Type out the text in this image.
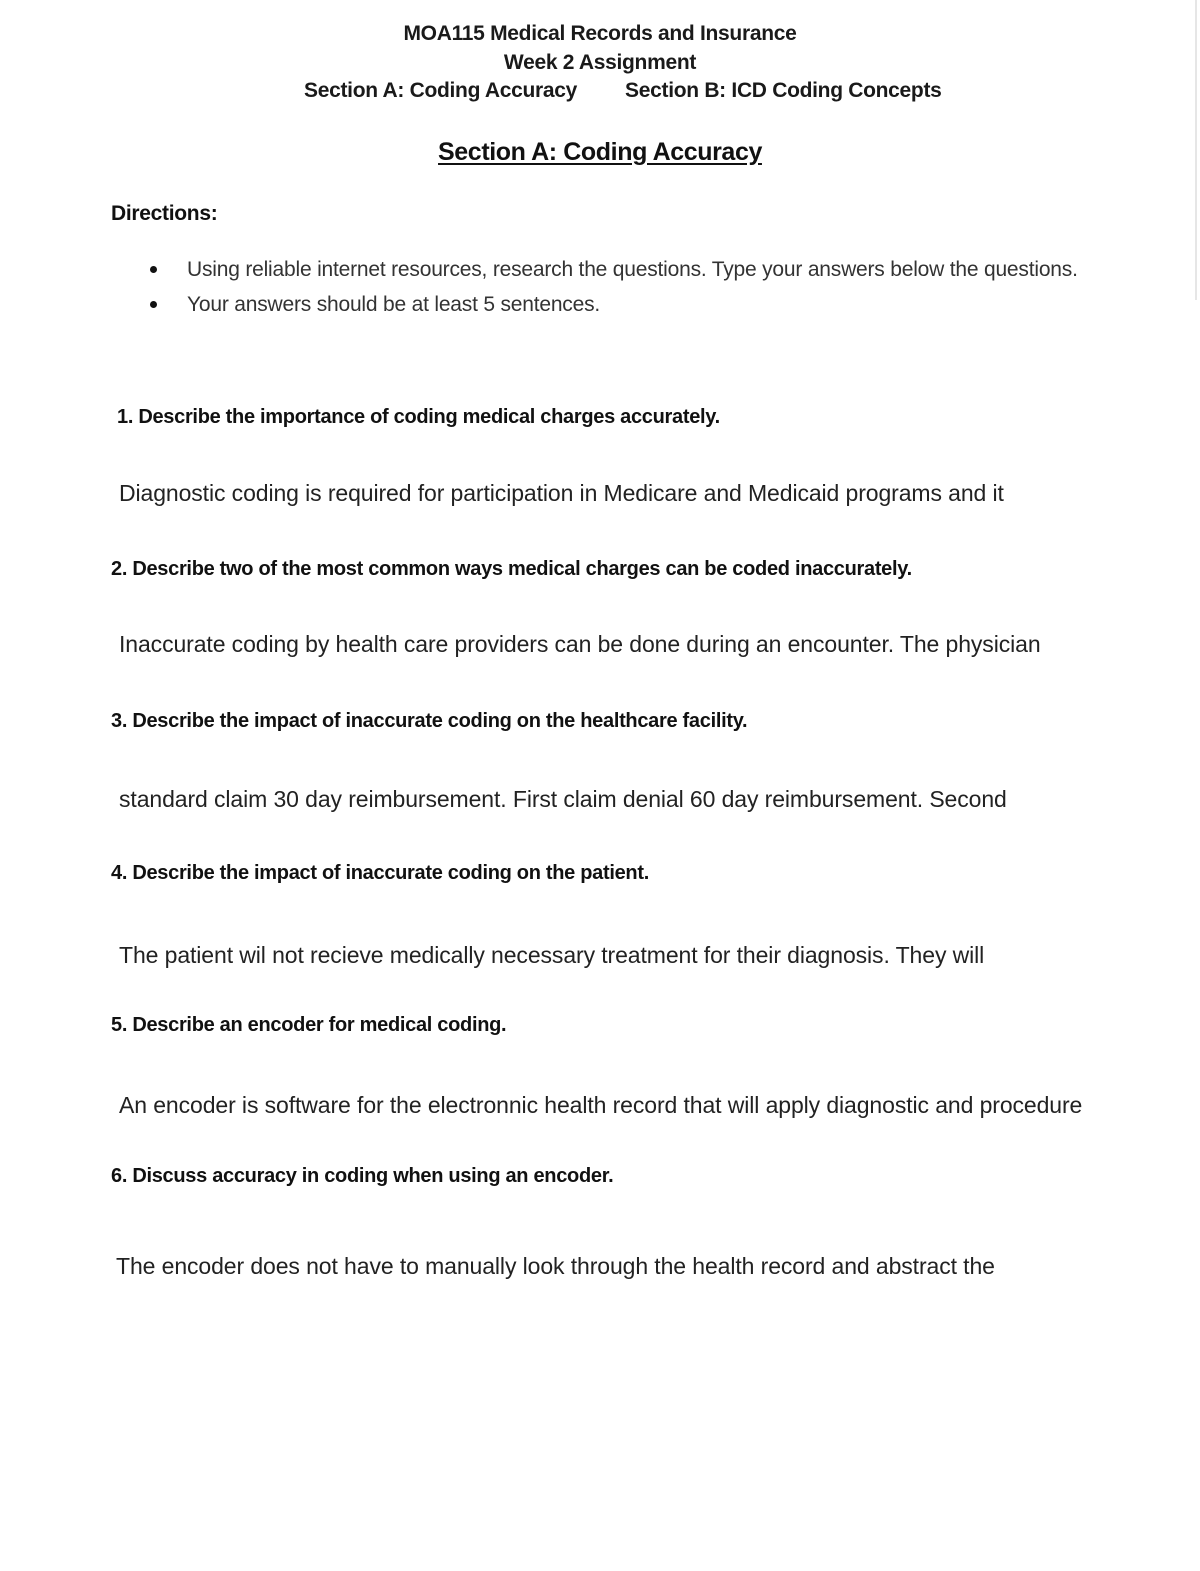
MOA115 Medical Records and Insurance
Week 2 Assignment
Section A: Coding Accuracy Section B: ICD Coding Concepts
Section A: Coding Accuracy
Directions:
Using reliable internet resources, research the questions. Type your answers below the questions.
Your answers should be at least 5 sentences.
1. Describe the importance of coding medical charges accurately.
Diagnostic coding is required for participation in Medicare and Medicaid programs and it
2. Describe two of the most common ways medical charges can be coded inaccurately.
Inaccurate coding by health care providers can be done during an encounter. The physician
3. Describe the impact of inaccurate coding on the healthcare facility.
standard claim 30 day reimbursement. First claim denial 60 day reimbursement. Second
4. Describe the impact of inaccurate coding on the patient.
The patient wil not recieve medically necessary treatment for their diagnosis. They will
5. Describe an encoder for medical coding.
An encoder is software for the electronnic health record that will apply diagnostic and procedure
6. Discuss accuracy in coding when using an encoder.
The encoder does not have to manually look through the health record and abstract the
